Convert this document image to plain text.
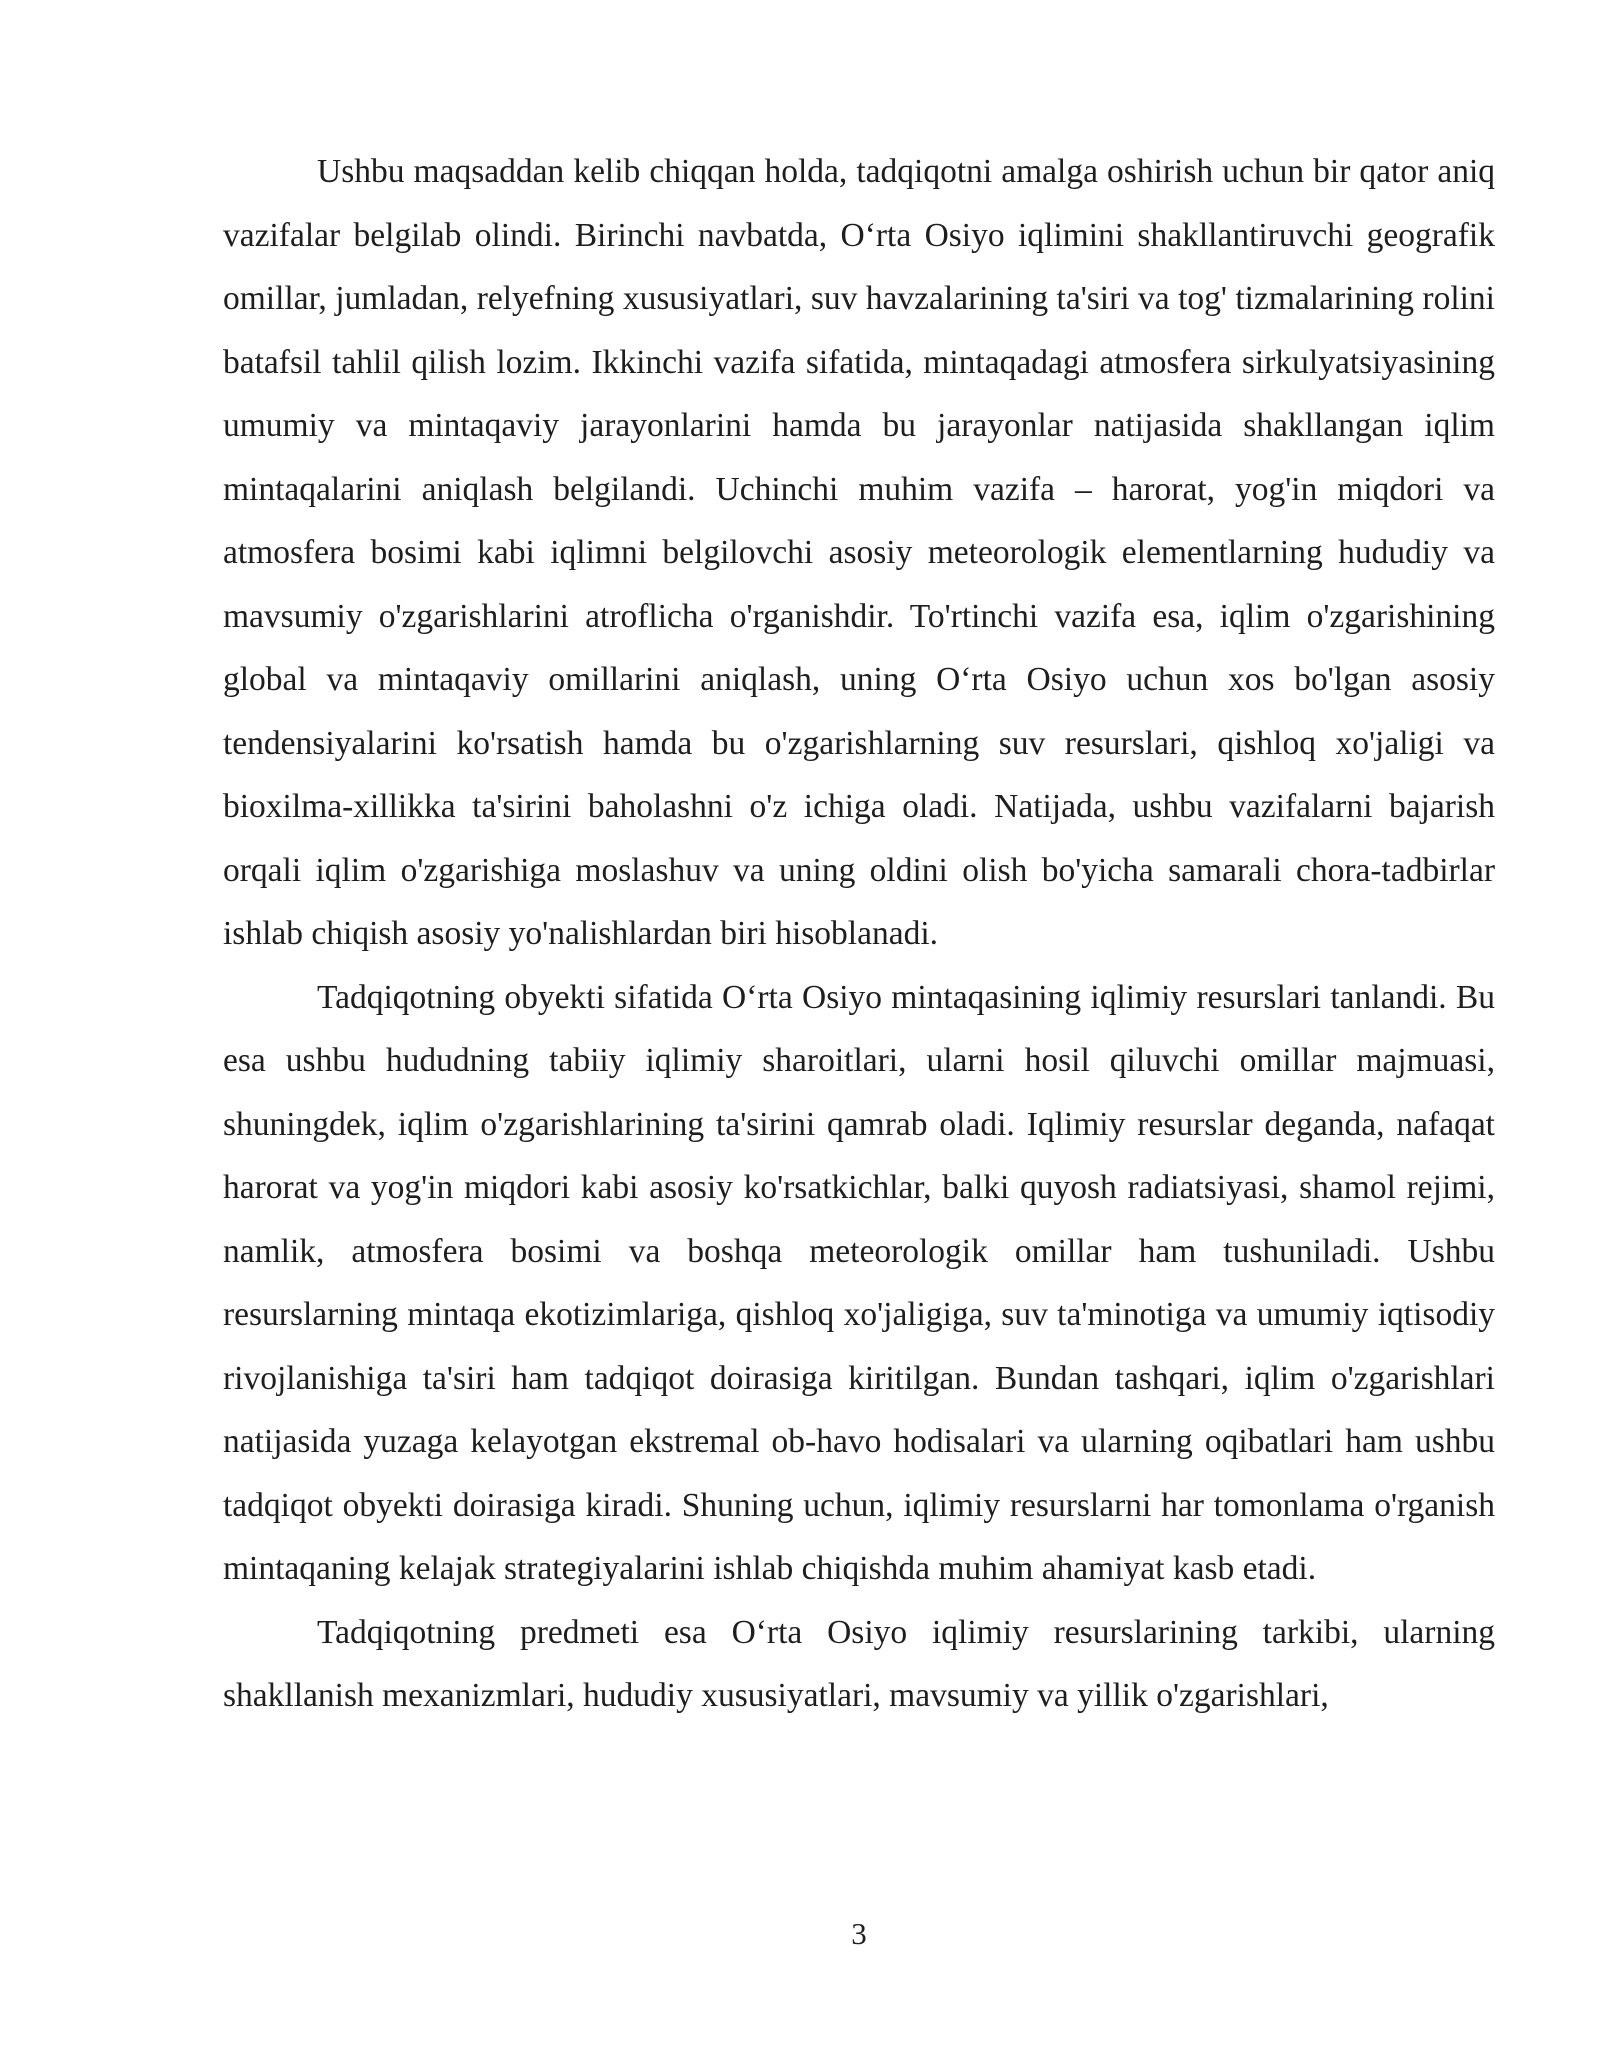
Ushbu maqsaddan kelib chiqqan holda, tadqiqotni amalga oshirish uchun bir qator aniq vazifalar belgilab olindi. Birinchi navbatda, O‘rta Osiyo iqlimini shakllantiruvchi geografik omillar, jumladan, relyefning xususiyatlari, suv havzalarining ta'siri va tog' tizmalarining rolini batafsil tahlil qilish lozim. Ikkinchi vazifa sifatida, mintaqadagi atmosfera sirkulyatsiyasining umumiy va mintaqaviy jarayonlarini hamda bu jarayonlar natijasida shakllangan iqlim mintaqalarini aniqlash belgilandi. Uchinchi muhim vazifa – harorat, yog'in miqdori va atmosfera bosimi kabi iqlimni belgilovchi asosiy meteorologik elementlarning hududiy va mavsumiy o'zgarishlarini atroflicha o'rganishdir. To'rtinchi vazifa esa, iqlim o'zgarishining global va mintaqaviy omillarini aniqlash, uning O‘rta Osiyo uchun xos bo'lgan asosiy tendensiyalarini ko'rsatish hamda bu o'zgarishlarning suv resurslari, qishloq xo'jaligi va bioxilma-xillikka ta'sirini baholashni o'z ichiga oladi. Natijada, ushbu vazifalarni bajarish orqali iqlim o'zgarishiga moslashuv va uning oldini olish bo'yicha samarali chora-tadbirlar ishlab chiqish asosiy yo'nalishlardan biri hisoblanadi.

Tadqiqotning obyekti sifatida O‘rta Osiyo mintaqasining iqlimiy resurslari tanlandi. Bu esa ushbu hududning tabiiy iqlimiy sharoitlari, ularni hosil qiluvchi omillar majmuasi, shuningdek, iqlim o'zgarishlarining ta'sirini qamrab oladi. Iqlimiy resurslar deganda, nafaqat harorat va yog'in miqdori kabi asosiy ko'rsatkichlar, balki quyosh radiatsiyasi, shamol rejimi, namlik, atmosfera bosimi va boshqa meteorologik omillar ham tushuniladi. Ushbu resurslarning mintaqa ekotizimlariga, qishloq xo'jaligiga, suv ta'minotiga va umumiy iqtisodiy rivojlanishiga ta'siri ham tadqiqot doirasiga kiritilgan. Bundan tashqari, iqlim o'zgarishlari natijasida yuzaga kelayotgan ekstremal ob-havo hodisalari va ularning oqibatlari ham ushbu tadqiqot obyekti doirasiga kiradi. Shuning uchun, iqlimiy resurslarni har tomonlama o'rganish mintaqaning kelajak strategiyalarini ishlab chiqishda muhim ahamiyat kasb etadi.

Tadqiqotning predmeti esa O‘rta Osiyo iqlimiy resurslarining tarkibi, ularning shakllanish mexanizmlari, hududiy xususiyatlari, mavsumiy va yillik o'zgarishlari,

3
